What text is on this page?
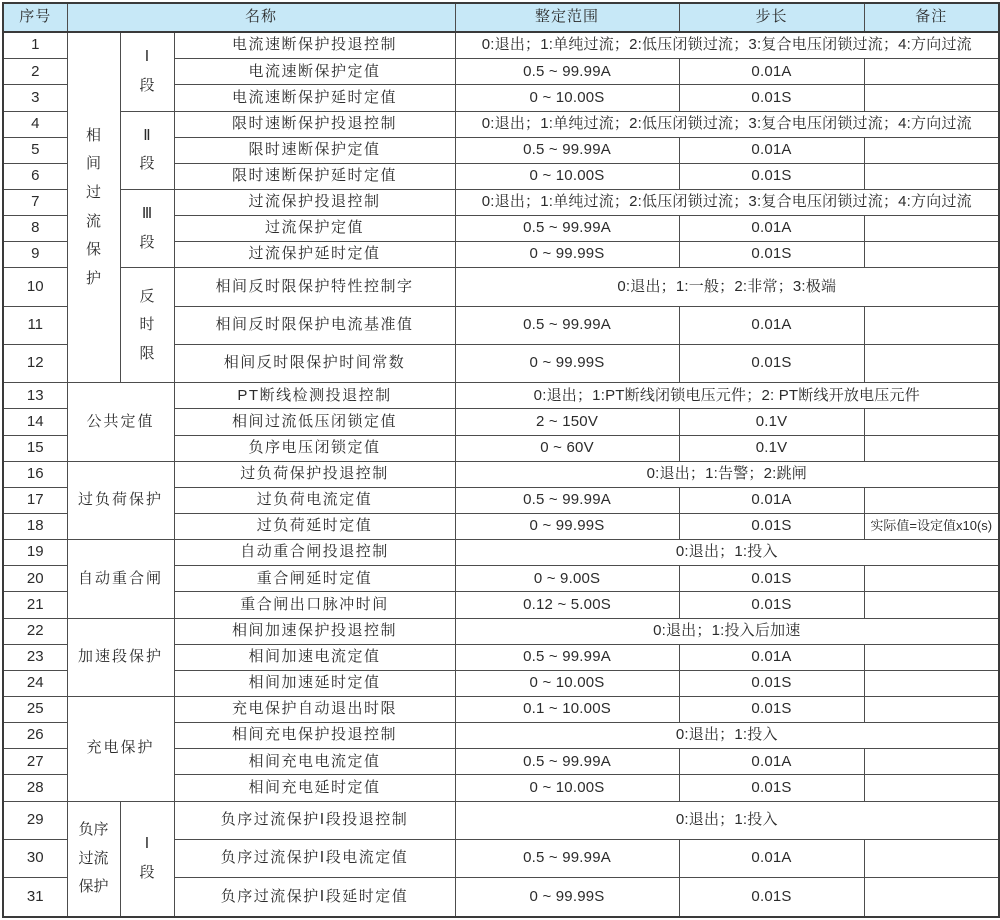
序号	名称			整定范围	步长	备注
1	相间过流保护	Ⅰ段	电流速断保护投退控制	0:退出；1:单纯过流；2:低压闭锁过流；3:复合电压闭锁过流；4:方向过流		
2			电流速断保护定值	0.5 ~ 99.99A	0.01A	
3			电流速断保护延时定值	0 ~ 10.00S	0.01S	
4		Ⅱ段	限时速断保护投退控制	0:退出；1:单纯过流；2:低压闭锁过流；3:复合电压闭锁过流；4:方向过流		
5			限时速断保护定值	0.5 ~ 99.99A	0.01A	
6			限时速断保护延时定值	0 ~ 10.00S	0.01S	
7		Ⅲ段	过流保护投退控制	0:退出；1:单纯过流；2:低压闭锁过流；3:复合电压闭锁过流；4:方向过流		
8			过流保护定值	0.5 ~ 99.99A	0.01A	
9			过流保护延时定值	0 ~ 99.99S	0.01S	
10		反时限	相间反时限保护特性控制字	0:退出；1:一般；2:非常；3:极端		
11			相间反时限保护电流基准值	0.5 ~ 99.99A	0.01A	
12			相间反时限保护时间常数	0 ~ 99.99S	0.01S	
13	公共定值		PT断线检测投退控制	0:退出；1:PT断线闭锁电压元件；2: PT断线开放电压元件		
14			相间过流低压闭锁定值	2 ~ 150V	0.1V	
15			负序电压闭锁定值	0 ~ 60V	0.1V	
16	过负荷保护		过负荷保护投退控制	0:退出；1:告警；2:跳闸		
17			过负荷电流定值	0.5 ~ 99.99A	0.01A	
18			过负荷延时定值	0 ~ 99.99S	0.01S	实际值=设定值x10(s)
19	自动重合闸		自动重合闸投退控制	0:退出；1:投入		
20			重合闸延时定值	0 ~ 9.00S	0.01S	
21			重合闸出口脉冲时间	0.12 ~ 5.00S	0.01S	
22	加速段保护		相间加速保护投退控制	0:退出；1:投入后加速		
23			相间加速电流定值	0.5 ~ 99.99A	0.01A	
24			相间加速延时定值	0 ~ 10.00S	0.01S	
25	充电保护		充电保护自动退出时限	0.1 ~ 10.00S	0.01S	
26			相间充电保护投退控制	0:退出；1:投入		
27			相间充电电流定值	0.5 ~ 99.99A	0.01A	
28			相间充电延时定值	0 ~ 10.00S	0.01S	
29	负序过流保护	Ⅰ段	负序过流保护Ⅰ段投退控制	0:退出；1:投入		
30			负序过流保护Ⅰ段电流定值	0.5 ~ 99.99A	0.01A	
31			负序过流保护Ⅰ段延时定值	0 ~ 99.99S	0.01S	
